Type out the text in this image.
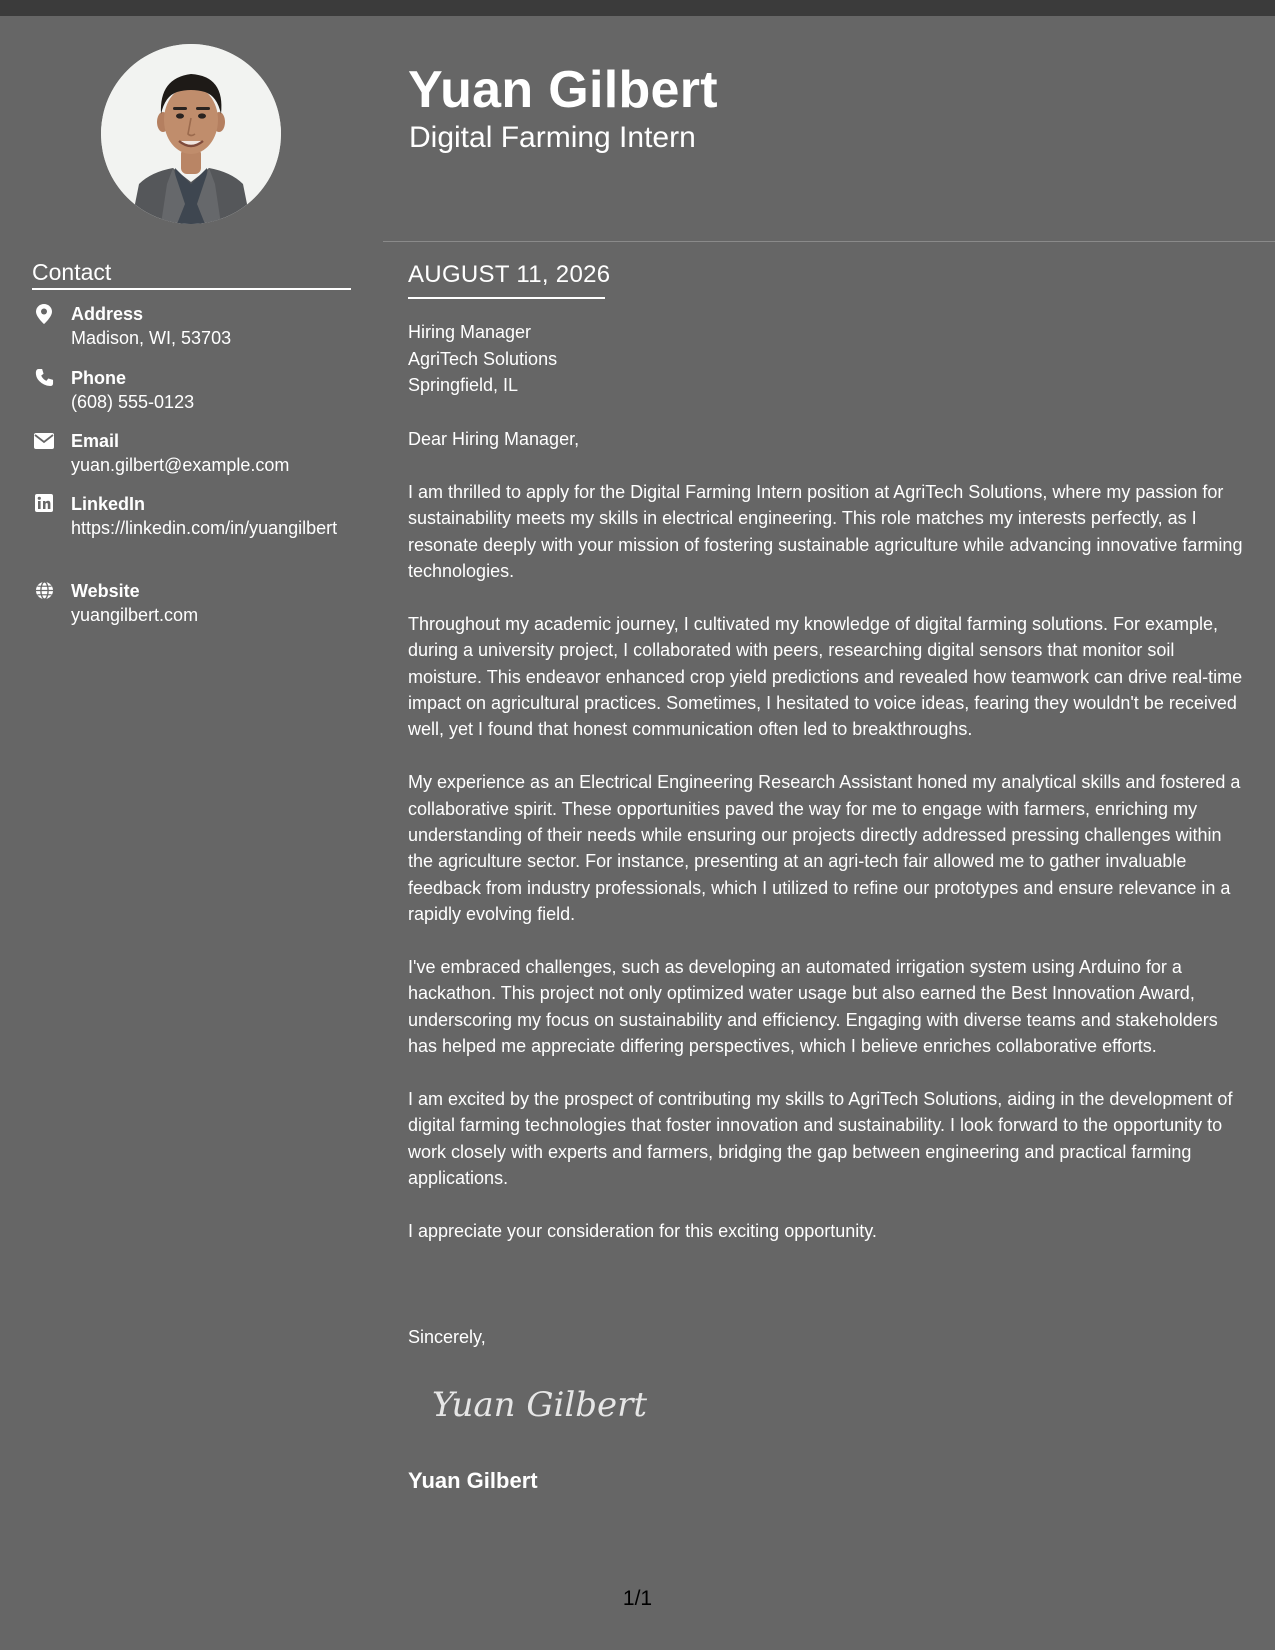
Yuan Gilbert
Digital Farming Intern
Contact
Address
Madison, WI, 53703
Phone
(608) 555-0123
Email
yuan.gilbert@example.com
LinkedIn
https://linkedin.com/in/yuangilbert
Website
yuangilbert.com
AUGUST 11, 2026
Hiring Manager
AgriTech Solutions
Springfield, IL

Dear Hiring Manager,

I am thrilled to apply for the Digital Farming Intern position at AgriTech Solutions, where my passion for sustainability meets my skills in electrical engineering. This role matches my interests perfectly, as I resonate deeply with your mission of fostering sustainable agriculture while advancing innovative farming technologies.

Throughout my academic journey, I cultivated my knowledge of digital farming solutions. For example, during a university project, I collaborated with peers, researching digital sensors that monitor soil moisture. This endeavor enhanced crop yield predictions and revealed how teamwork can drive real-time impact on agricultural practices. Sometimes, I hesitated to voice ideas, fearing they wouldn't be received well, yet I found that honest communication often led to breakthroughs.

My experience as an Electrical Engineering Research Assistant honed my analytical skills and fostered a collaborative spirit. These opportunities paved the way for me to engage with farmers, enriching my understanding of their needs while ensuring our projects directly addressed pressing challenges within the agriculture sector. For instance, presenting at an agri-tech fair allowed me to gather invaluable feedback from industry professionals, which I utilized to refine our prototypes and ensure relevance in a rapidly evolving field.

I've embraced challenges, such as developing an automated irrigation system using Arduino for a hackathon. This project not only optimized water usage but also earned the Best Innovation Award, underscoring my focus on sustainability and efficiency. Engaging with diverse teams and stakeholders has helped me appreciate differing perspectives, which I believe enriches collaborative efforts.

I am excited by the prospect of contributing my skills to AgriTech Solutions, aiding in the development of digital farming technologies that foster innovation and sustainability. I look forward to the opportunity to work closely with experts and farmers, bridging the gap between engineering and practical farming applications.

I appreciate your consideration for this exciting opportunity.

Sincerely,
Yuan Gilbert
Yuan Gilbert
1/1
